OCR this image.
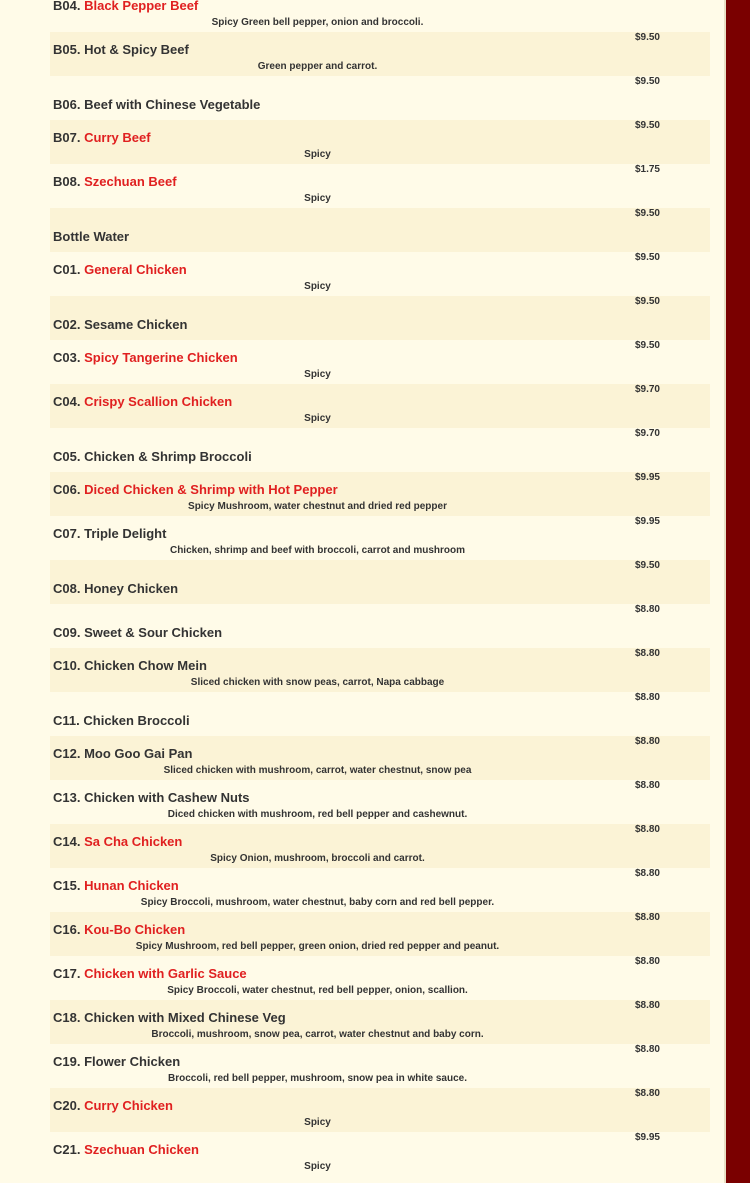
B04. Black Pepper Beef
Spicy Green bell pepper, onion and broccoli.
$9.50
B05. Hot & Spicy Beef
Green pepper and carrot.
$9.50
B06. Beef with Chinese Vegetable
$9.50
B07. Curry Beef
Spicy
$1.75
B08. Szechuan Beef
Spicy
$9.50
Bottle Water
$9.50
C01. General Chicken
Spicy
$9.50
C02. Sesame Chicken
$9.50
C03. Spicy Tangerine Chicken
Spicy
$9.70
C04. Crispy Scallion Chicken
Spicy
$9.70
C05. Chicken & Shrimp Broccoli
$9.95
C06. Diced Chicken & Shrimp with Hot Pepper
Spicy Mushroom, water chestnut and dried red pepper
$9.95
C07. Triple Delight
Chicken, shrimp and beef with broccoli, carrot and mushroom
$9.50
C08. Honey Chicken
$8.80
C09. Sweet & Sour Chicken
$8.80
C10. Chicken Chow Mein
Sliced chicken with snow peas, carrot, Napa cabbage
$8.80
C11. Chicken Broccoli
$8.80
C12. Moo Goo Gai Pan
Sliced chicken with mushroom, carrot, water chestnut, snow pea
$8.80
C13. Chicken with Cashew Nuts
Diced chicken with mushroom, red bell pepper and cashewnut.
$8.80
C14. Sa Cha Chicken
Spicy Onion, mushroom, broccoli and carrot.
$8.80
C15. Hunan Chicken
Spicy Broccoli, mushroom, water chestnut, baby corn and red bell pepper.
$8.80
C16. Kou-Bo Chicken
Spicy Mushroom, red bell pepper, green onion, dried red pepper and peanut.
$8.80
C17. Chicken with Garlic Sauce
Spicy Broccoli, water chestnut, red bell pepper, onion, scallion.
$8.80
C18. Chicken with Mixed Chinese Veg
Broccoli, mushroom, snow pea, carrot, water chestnut and baby corn.
$8.80
C19. Flower Chicken
Broccoli, red bell pepper, mushroom, snow pea in white sauce.
$8.80
C20. Curry Chicken
Spicy
$9.95
C21. Szechuan Chicken
Spicy
